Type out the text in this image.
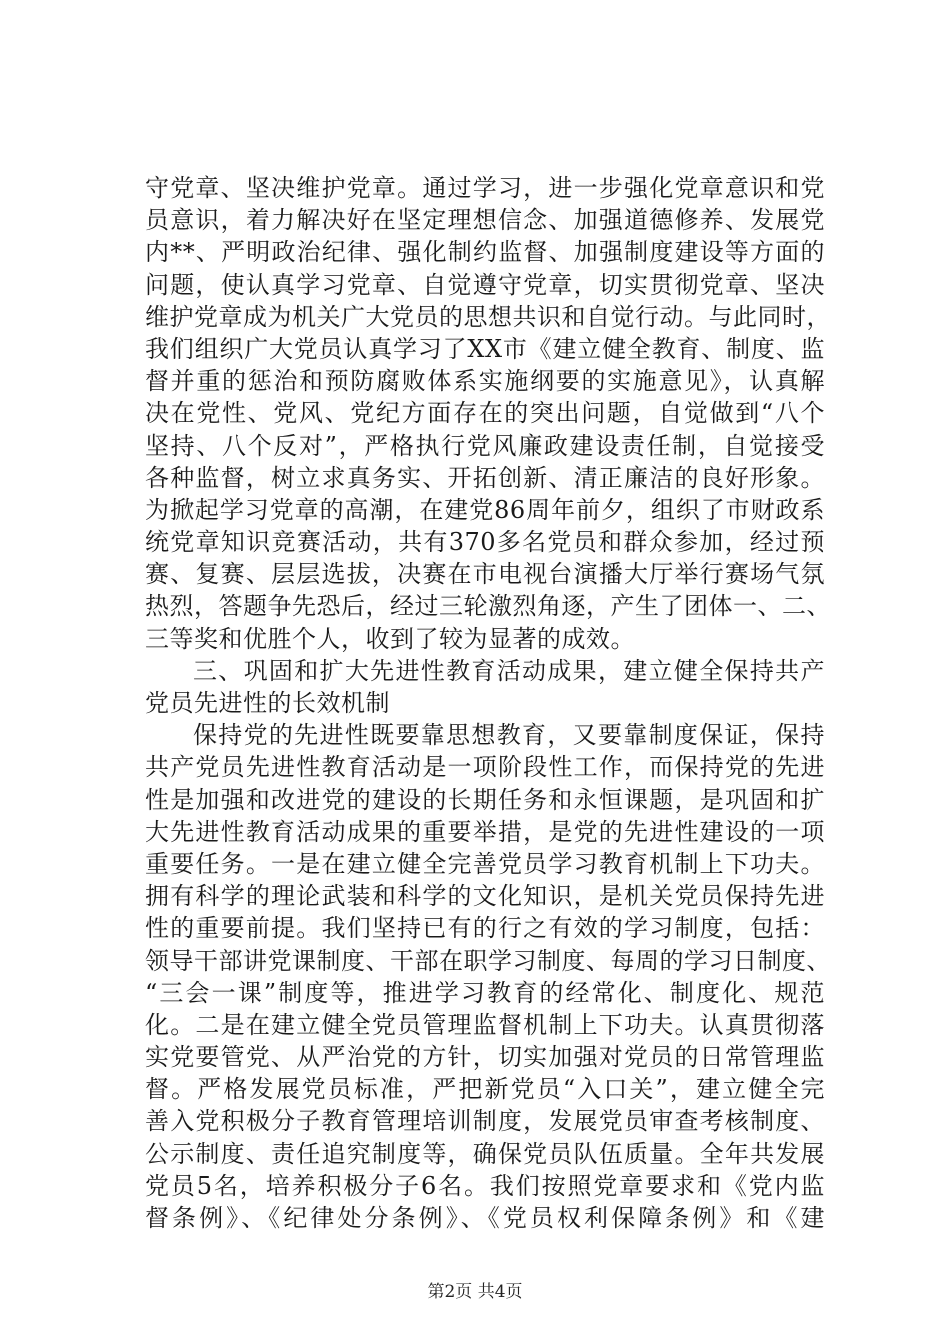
守党章、坚决维护党章。通过学习，进一步强化党章意识和党
员意识，着力解决好在坚定理想信念、加强道德修养、发展党
内**、严明政治纪律、强化制约监督、加强制度建设等方面的
问题，使认真学习党章、自觉遵守党章，切实贯彻党章、坚决
维护党章成为机关广大党员的思想共识和自觉行动。与此同时，
我们组织广大党员认真学习了XX市《建立健全教育、制度、监
督并重的惩治和预防腐败体系实施纲要的实施意见》，认真解
决在党性、党风、党纪方面存在的突出问题，自觉做到“八个
坚持、八个反对”，严格执行党风廉政建设责任制，自觉接受
各种监督，树立求真务实、开拓创新、清正廉洁的良好形象。
为掀起学习党章的高潮，在建党86周年前夕，组织了市财政系
统党章知识竞赛活动，共有370多名党员和群众参加，经过预
赛、复赛、层层选拔，决赛在市电视台演播大厅举行赛场气氛
热烈，答题争先恐后，经过三轮激烈角逐，产生了团体一、二、
三等奖和优胜个人，收到了较为显著的成效。
三、巩固和扩大先进性教育活动成果，建立健全保持共产
党员先进性的长效机制
保持党的先进性既要靠思想教育，又要靠制度保证，保持
共产党员先进性教育活动是一项阶段性工作，而保持党的先进
性是加强和改进党的建设的长期任务和永恒课题，是巩固和扩
大先进性教育活动成果的重要举措，是党的先进性建设的一项
重要任务。一是在建立健全完善党员学习教育机制上下功夫。
拥有科学的理论武装和科学的文化知识，是机关党员保持先进
性的重要前提。我们坚持已有的行之有效的学习制度，包括：
领导干部讲党课制度、干部在职学习制度、每周的学习日制度、
“三会一课”制度等，推进学习教育的经常化、制度化、规范
化。二是在建立健全党员管理监督机制上下功夫。认真贯彻落
实党要管党、从严治党的方针，切实加强对党员的日常管理监
督。严格发展党员标准，严把新党员“入口关”，建立健全完
善入党积极分子教育管理培训制度，发展党员审查考核制度、
公示制度、责任追究制度等，确保党员队伍质量。全年共发展
党员5名，培养积极分子6名。我们按照党章要求和《党内监
督条例》、《纪律处分条例》、《党员权利保障条例》和《建
第2页 共4页
